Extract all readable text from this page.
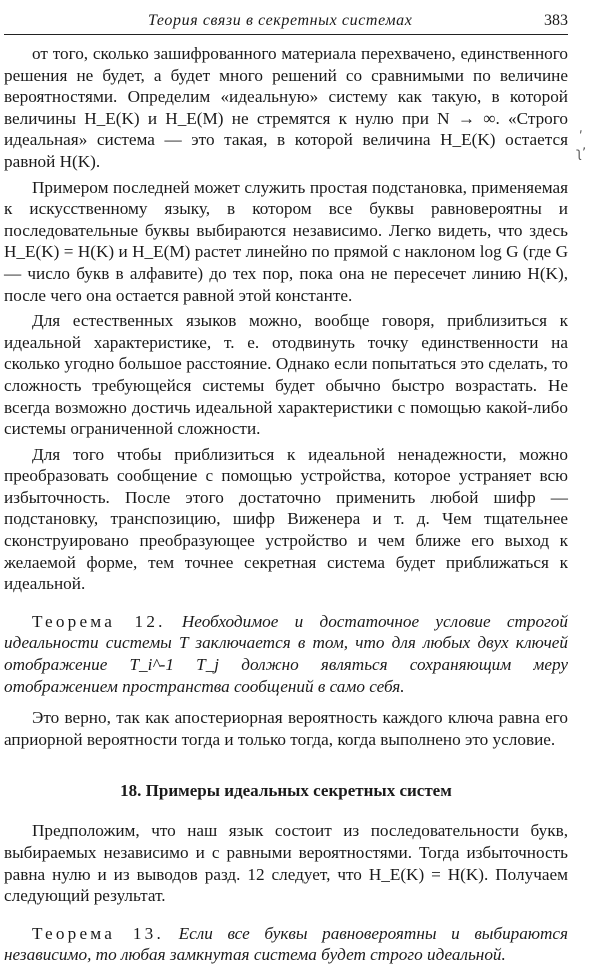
Теория связи в секретных системах	383

от того, сколько зашифрованного материала перехвачено, единственного решения не будет, а будет много решений со сравнимыми по величине вероятностями. Определим «идеальную» систему как такую, в которой величины H_E(K) и H_E(M) не стремятся к нулю при N → ∞. «Строго идеальная» система — это такая, в которой величина H_E(K) остается равной H(K).

Примером последней может служить простая подстановка, применяемая к искусственному языку, в котором все буквы равновероятны и последовательные буквы выбираются независимо. Легко видеть, что здесь H_E(K) = H(K) и H_E(M) растет линейно по прямой с наклоном log G (где G — число букв в алфавите) до тех пор, пока она не пересечет линию H(K), после чего она остается равной этой константе.

Для естественных языков можно, вообще говоря, приблизиться к идеальной характеристике, т. е. отодвинуть точку единственности на сколько угодно большое расстояние. Однако если попытаться это сделать, то сложность требующейся системы будет обычно быстро возрастать. Не всегда возможно достичь идеальной характеристики с помощью какой-либо системы ограниченной сложности.

Для того чтобы приблизиться к идеальной ненадежности, можно преобразовать сообщение с помощью устройства, которое устраняет всю избыточность. После этого достаточно применить любой шифр — подстановку, транспозицию, шифр Виженера и т. д. Чем тщательнее сконструировано преобразующее устройство и чем ближе его выход к желаемой форме, тем точнее секретная система будет приближаться к идеальной.

Теорема 12. Необходимое и достаточное условие строгой идеальности системы T заключается в том, что для любых двух ключей отображение T_i^-1 T_j должно являться сохраняющим меру отображением пространства сообщений в само себя.

Это верно, так как апостериорная вероятность каждого ключа равна его априорной вероятности тогда и только тогда, когда выполнено это условие.

18. Примеры идеальных секретных систем

Предположим, что наш язык состоит из последовательности букв, выбираемых независимо и с равными вероятностями. Тогда избыточность равна нулю и из выводов разд. 12 следует, что H_E(K) = H(K). Получаем следующий результат.

Теорема 13. Если все буквы равновероятны и выбираются независимо, то любая замкнутая система будет строго идеальной.

ʹ
ʅʼ
